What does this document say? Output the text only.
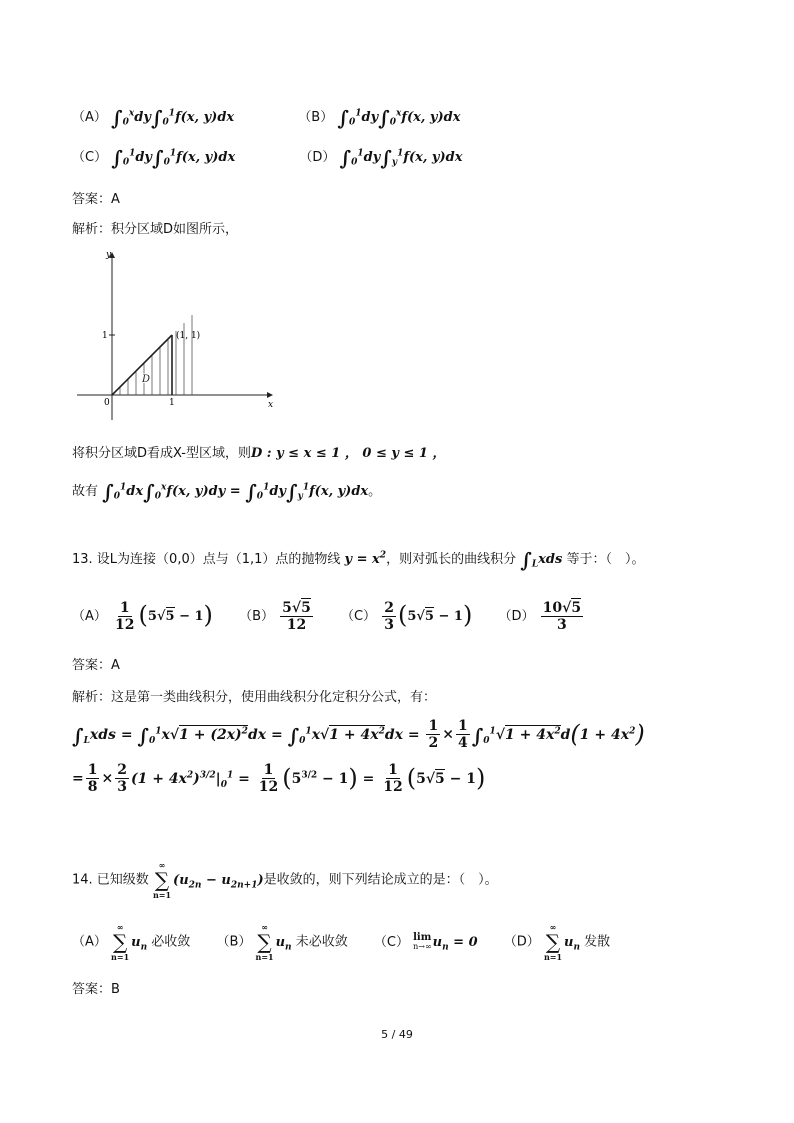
（A） $\int_0^xdy\int_0^1f(x$, y)dx	（B） $\int_0^1dy\int_0^xf(x$, y)dx
（C） $\int_0^1dy\int_0^1f(x$, y)dx	（D） $\int_0^1dy\int_y^1f(x$, y)dx
答案：A
解析：积分区域D如图所示，
y
x
0	1
1	(1, 1)
D
将积分区域D看成X-型区域，则D : y ≤ x ≤ 1 ， 0 ≤ y ≤ 1 ，
故有 $\int_0^1dx\int_0^xf(x$, $y)dy = \int_0^1dy\int_y^1f(x$, y)dx。
13. 设L为连接（0,0）点与（1,1）点的抛物线 $y = x^2$，则对弧长的曲线积分 $\int_Lxds$ 等于：（　）。
$(A) \frac{1}{12} (5√5 - 1)$ $(B) \frac{5√5}{12} (C) \frac{2}{3} (5√5 - 1)$ $(D) \frac{10√5}{3}$
答案：A
解析：这是第一类曲线积分，使用曲线积分化定积分公式，有：
$\int_Lxds = \int_0^1x√1 + (2x)^2dx = \int_0^1x√1 + 4x^2dx = \frac{1}{2} \times \frac{1}{4} \int_0^1√1 + 4x^2d(1 + 4x^2)$
= $\frac{1}{8} \times \frac{2}{3} (1 + 4x^2)^{3/2}|_0^1 = \frac{1}{12} (5^{3/2} - 1) = \frac{1}{12} (5√5 - 1)$
14. 已知级数
∞
∑
n=1
$(u_{2n} - u_{2n+1})$是收敛的，则下列结论成立的是：（　）。
（A）
∞
∑
n=1
$u_n$ 必收敛 （B）
∞
∑
n=1
$u_n$ 未必收敛 （C） lim
$n\to\infty u_n = 0$ （D）
∞
∑
n=1
$u_n$ 发散
答案：B
5 / 49
